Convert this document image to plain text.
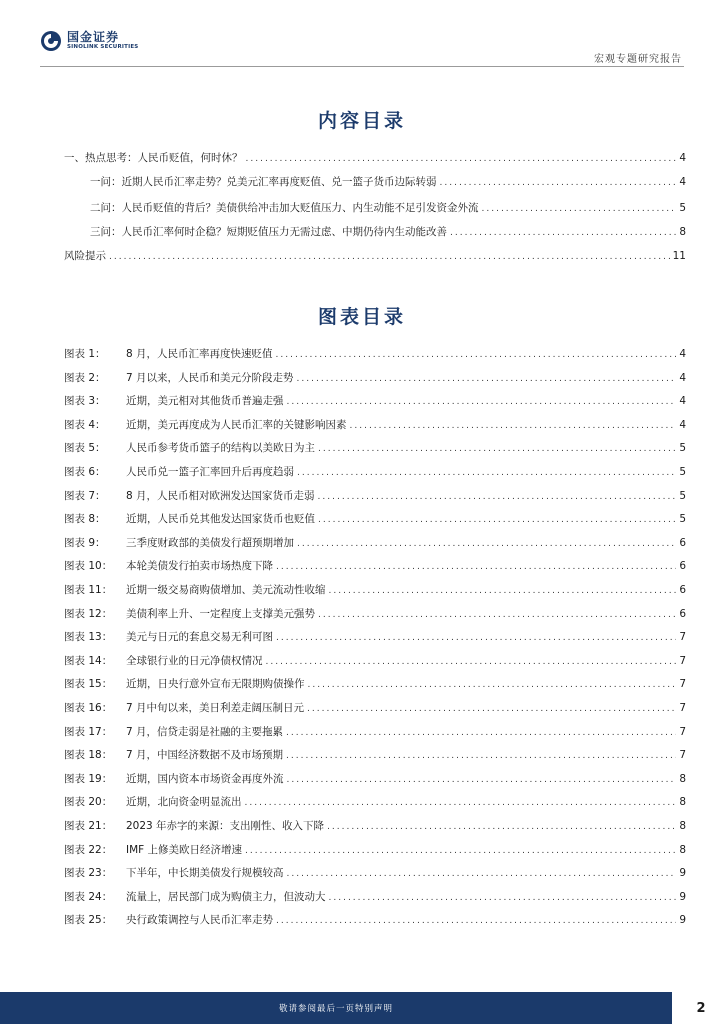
国金证券
SINOLINK SECURITIES
宏观专题研究报告
内容目录
一、热点思考：人民币贬值，何时休？ .....	4
一问：近期人民币汇率走势？兑美元汇率再度贬值、兑一篮子货币边际转弱 .....	4
二问：人民币贬值的背后？美债供给冲击加大贬值压力、内生动能不足引发资金外流 .....	5
三问：人民币汇率何时企稳？短期贬值压力无需过虑、中期仍待内生动能改善 .....	8
风险提示 .....	11
图表目录
图表 1：	8 月，人民币汇率再度快速贬值 .....	4
图表 2：	7 月以来，人民币和美元分阶段走势 .....	4
图表 3：	近期，美元相对其他货币普遍走强 .....	4
图表 4：	近期，美元再度成为人民币汇率的关键影响因素 .....	4
图表 5：	人民币参考货币篮子的结构以美欧日为主 .....	5
图表 6：	人民币兑一篮子汇率回升后再度趋弱 .....	5
图表 7：	8 月，人民币相对欧洲发达国家货币走弱 .....	5
图表 8：	近期，人民币兑其他发达国家货币也贬值 .....	5
图表 9：	三季度财政部的美债发行超预期增加 .....	6
图表 10：	本轮美债发行拍卖市场热度下降 .....	6
图表 11：	近期一级交易商购债增加、美元流动性收缩 .....	6
图表 12：	美债利率上升、一定程度上支撑美元强势 .....	6
图表 13：	美元与日元的套息交易无利可图 .....	7
图表 14：	全球银行业的日元净债权情况 .....	7
图表 15：	近期，日央行意外宣布无限期购债操作 .....	7
图表 16：	7 月中旬以来，美日利差走阔压制日元 .....	7
图表 17：	7 月，信贷走弱是社融的主要拖累 .....	7
图表 18：	7 月，中国经济数据不及市场预期 .....	7
图表 19：	近期，国内资本市场资金再度外流 .....	8
图表 20：	近期，北向资金明显流出 .....	8
图表 21：	2023 年赤字的来源：支出刚性、收入下降 .....	8
图表 22：	IMF 上修美欧日经济增速 .....	8
图表 23：	下半年，中长期美债发行规模较高 .....	9
图表 24：	流量上，居民部门成为购债主力，但波动大 .....	9
图表 25：	央行政策调控与人民币汇率走势 .....	9
敬请参阅最后一页特别声明	2
